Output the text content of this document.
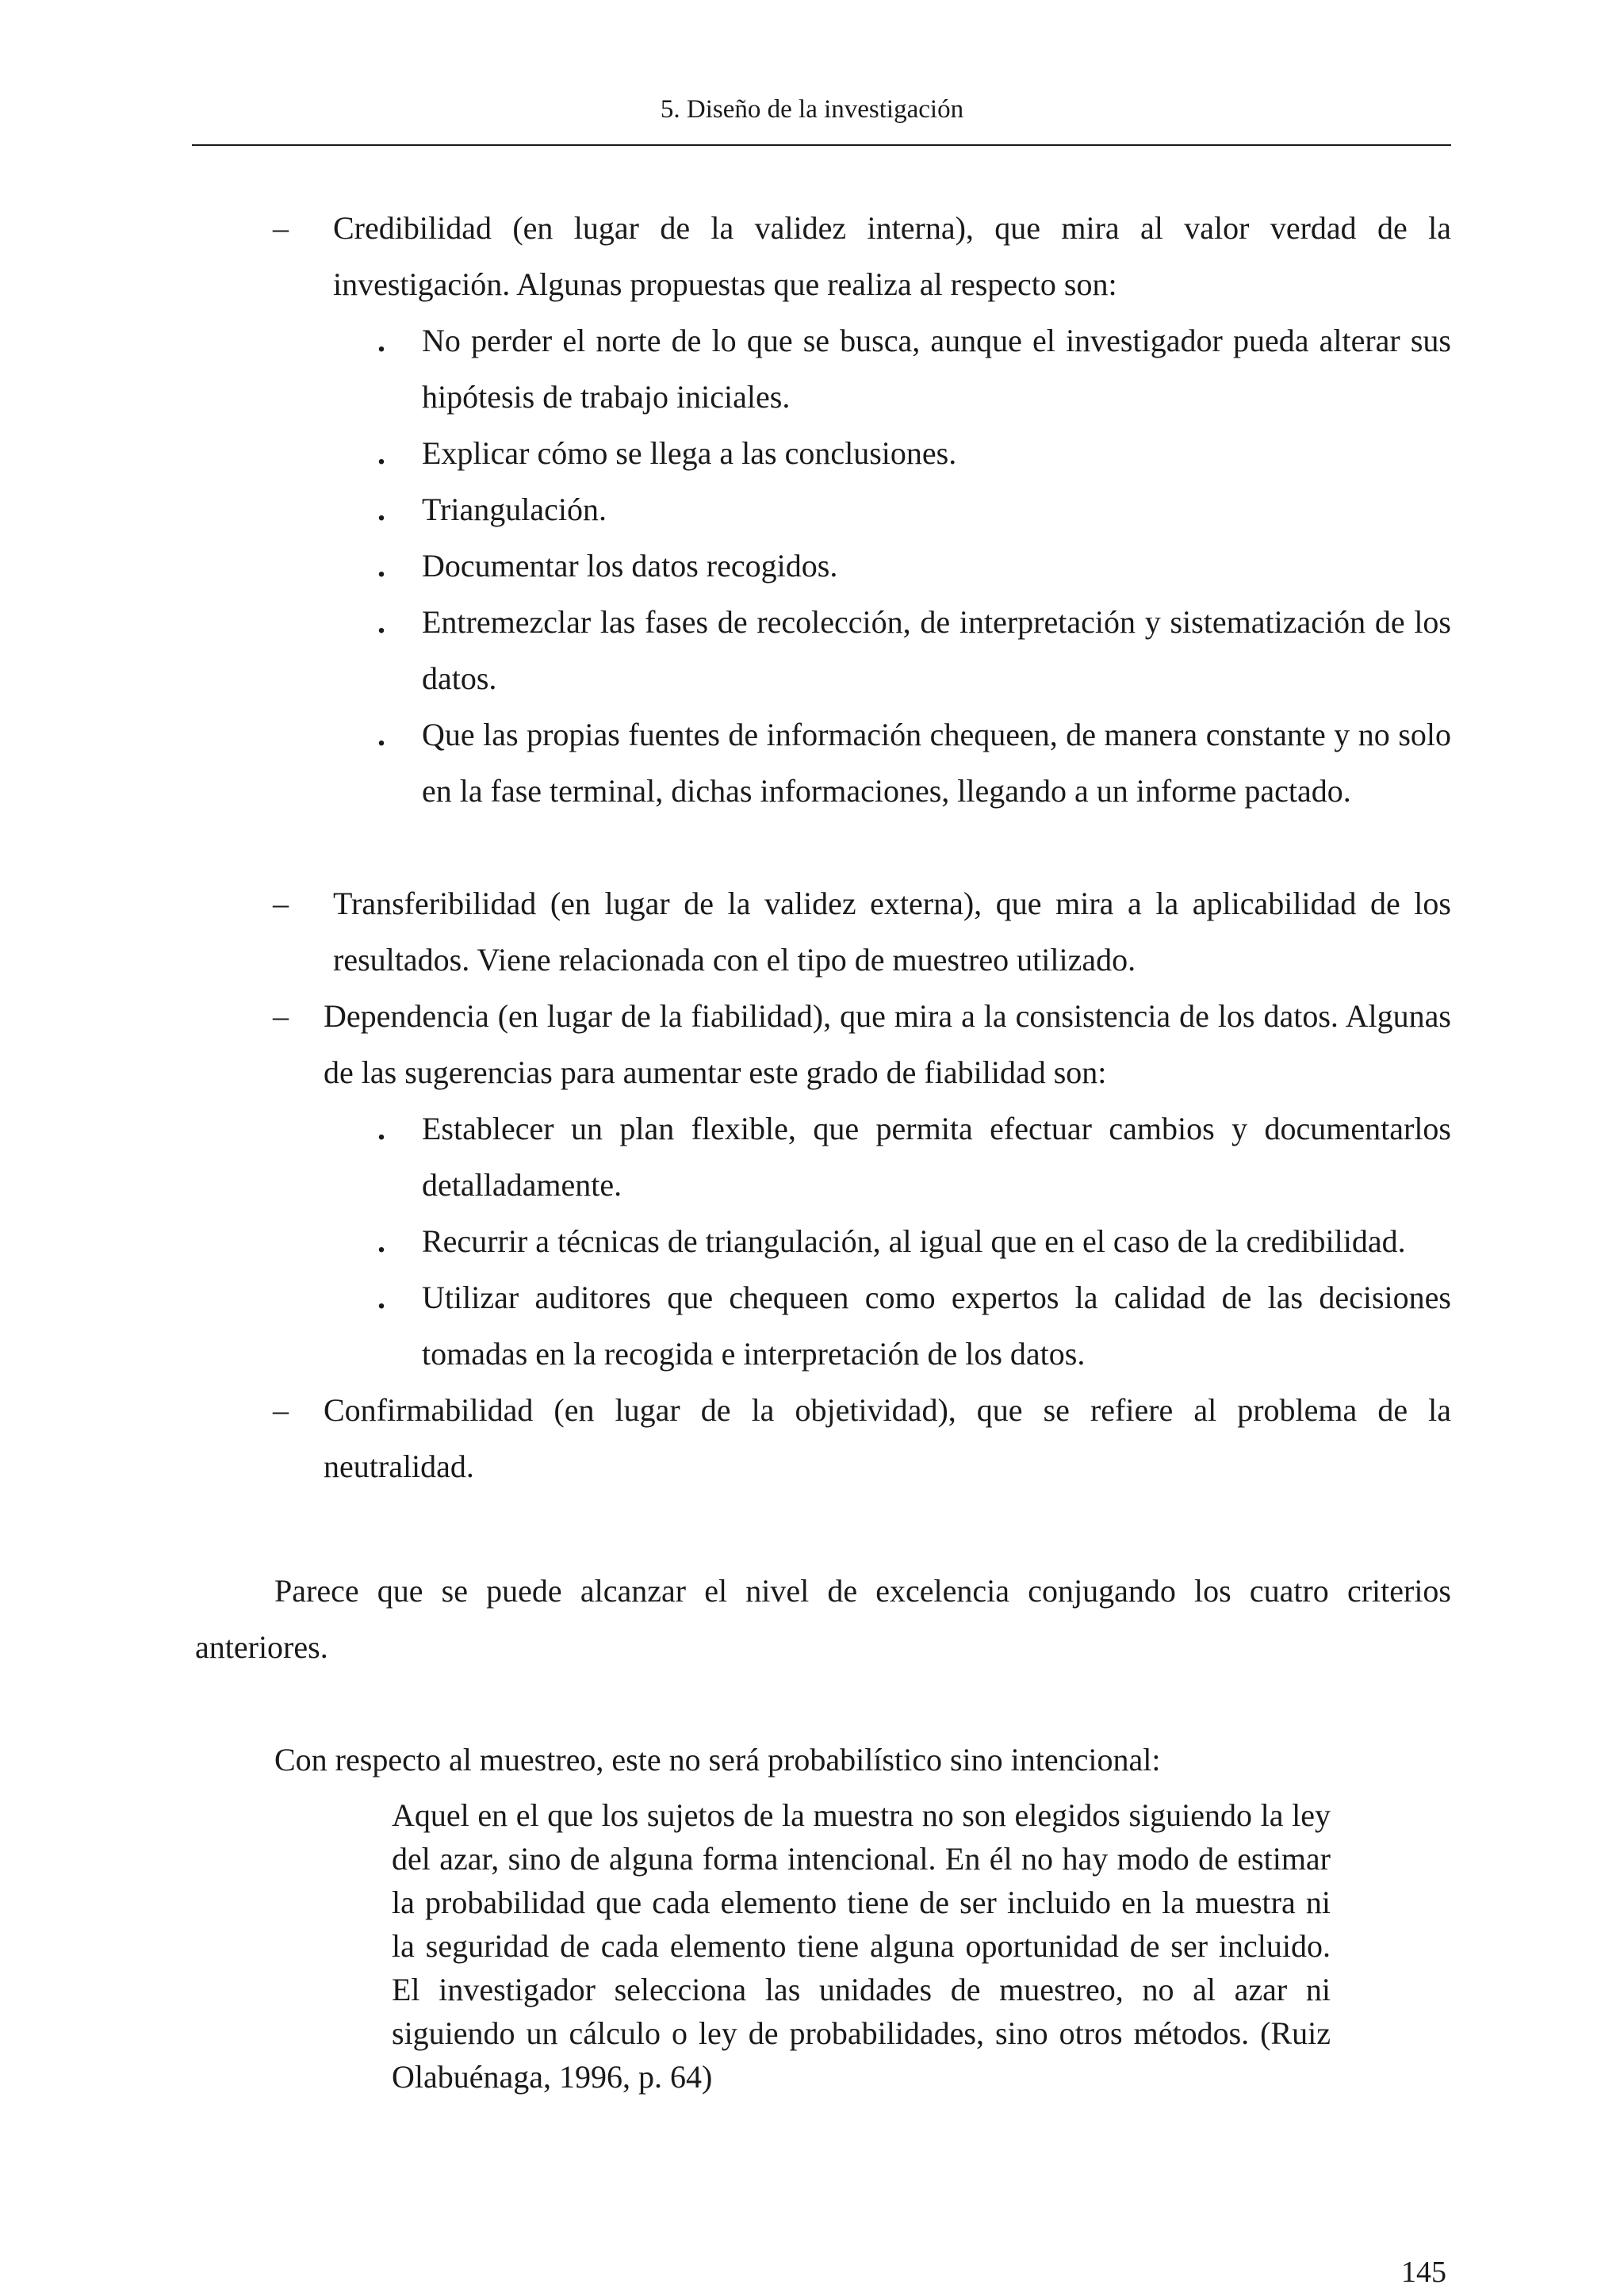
5. Diseño de la investigación
– Credibilidad (en lugar de la validez interna), que mira al valor verdad de la investigación. Algunas propuestas que realiza al respecto son:
. No perder el norte de lo que se busca, aunque el investigador pueda alterar sus hipótesis de trabajo iniciales.
. Explicar cómo se llega a las conclusiones.
. Triangulación.
. Documentar los datos recogidos.
. Entremezclar las fases de recolección, de interpretación y sistematización de los datos.
. Que las propias fuentes de información chequeen, de manera constante y no solo en la fase terminal, dichas informaciones, llegando a un informe pactado.
– Transferibilidad (en lugar de la validez externa), que mira a la aplicabilidad de los resultados. Viene relacionada con el tipo de muestreo utilizado.
– Dependencia (en lugar de la fiabilidad), que mira a la consistencia de los datos. Algunas de las sugerencias para aumentar este grado de fiabilidad son:
. Establecer un plan flexible, que permita efectuar cambios y documentarlos detalladamente.
. Recurrir a técnicas de triangulación, al igual que en el caso de la credibilidad.
. Utilizar auditores que chequeen como expertos la calidad de las decisiones tomadas en la recogida e interpretación de los datos.
– Confirmabilidad (en lugar de la objetividad), que se refiere al problema de la neutralidad.
Parece que se puede alcanzar el nivel de excelencia conjugando los cuatro criterios anteriores.
Con respecto al muestreo, este no será probabilístico sino intencional:
Aquel en el que los sujetos de la muestra no son elegidos siguiendo la ley del azar, sino de alguna forma intencional. En él no hay modo de estimar la probabilidad que cada elemento tiene de ser incluido en la muestra ni la seguridad de cada elemento tiene alguna oportunidad de ser incluido. El investigador selecciona las unidades de muestreo, no al azar ni siguiendo un cálculo o ley de probabilidades, sino otros métodos. (Ruiz Olabuénaga, 1996, p. 64)
145
